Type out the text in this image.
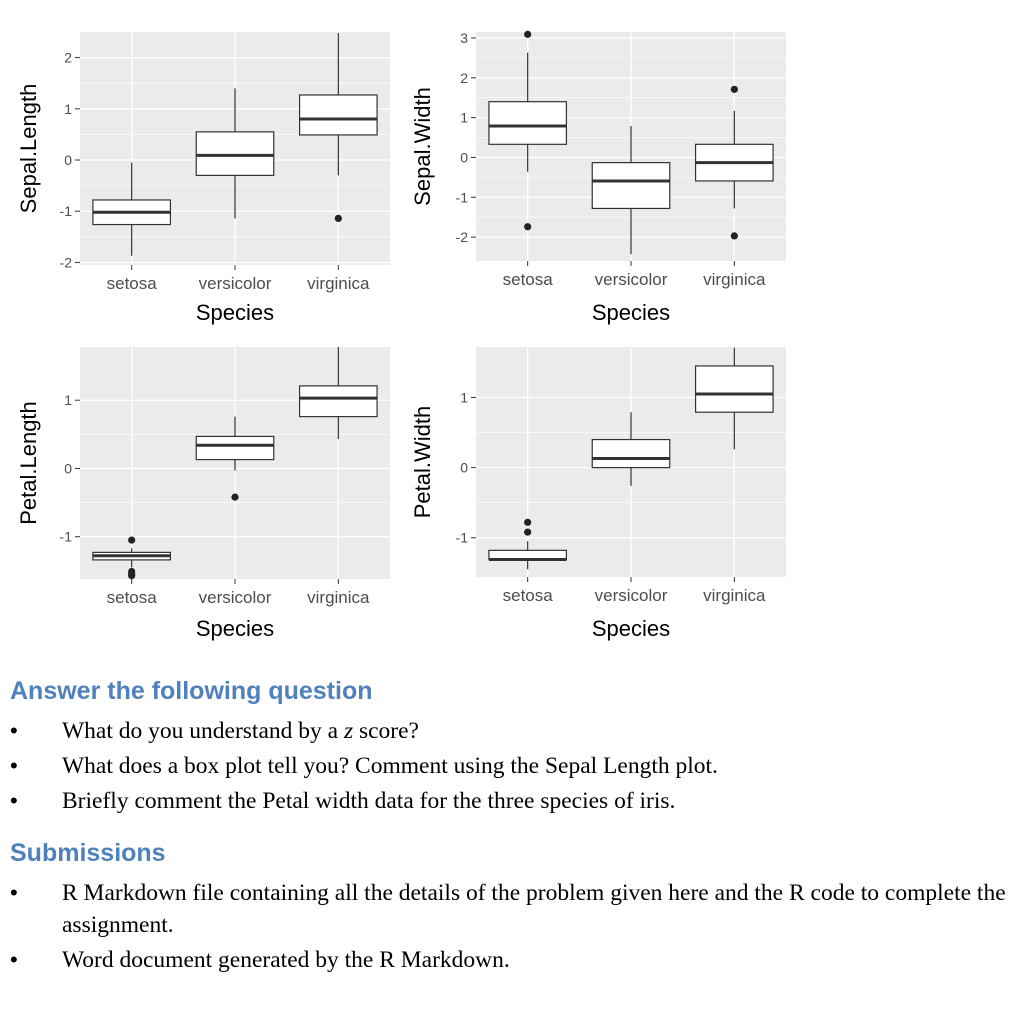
-2
-1
0
1
2
setosa versicolor virginica
Species
Sepal.Length
-2
-1
0
1
2
3
setosa versicolor virginica
Species
Sepal.Width
-1
0
1
setosa versicolor virginica
Species
Petal.Length
-1
0
1
setosa versicolor virginica
Species
Petal.Width
Answer the following question
• What do you understand by a z score?
• What does a box plot tell you? Comment using the Sepal Length plot.
• Briefly comment the Petal width data for the three species of iris.
Submissions
• R Markdown file containing all the details of the problem given here and the R code to complete the assignment.
• Word document generated by the R Markdown.
